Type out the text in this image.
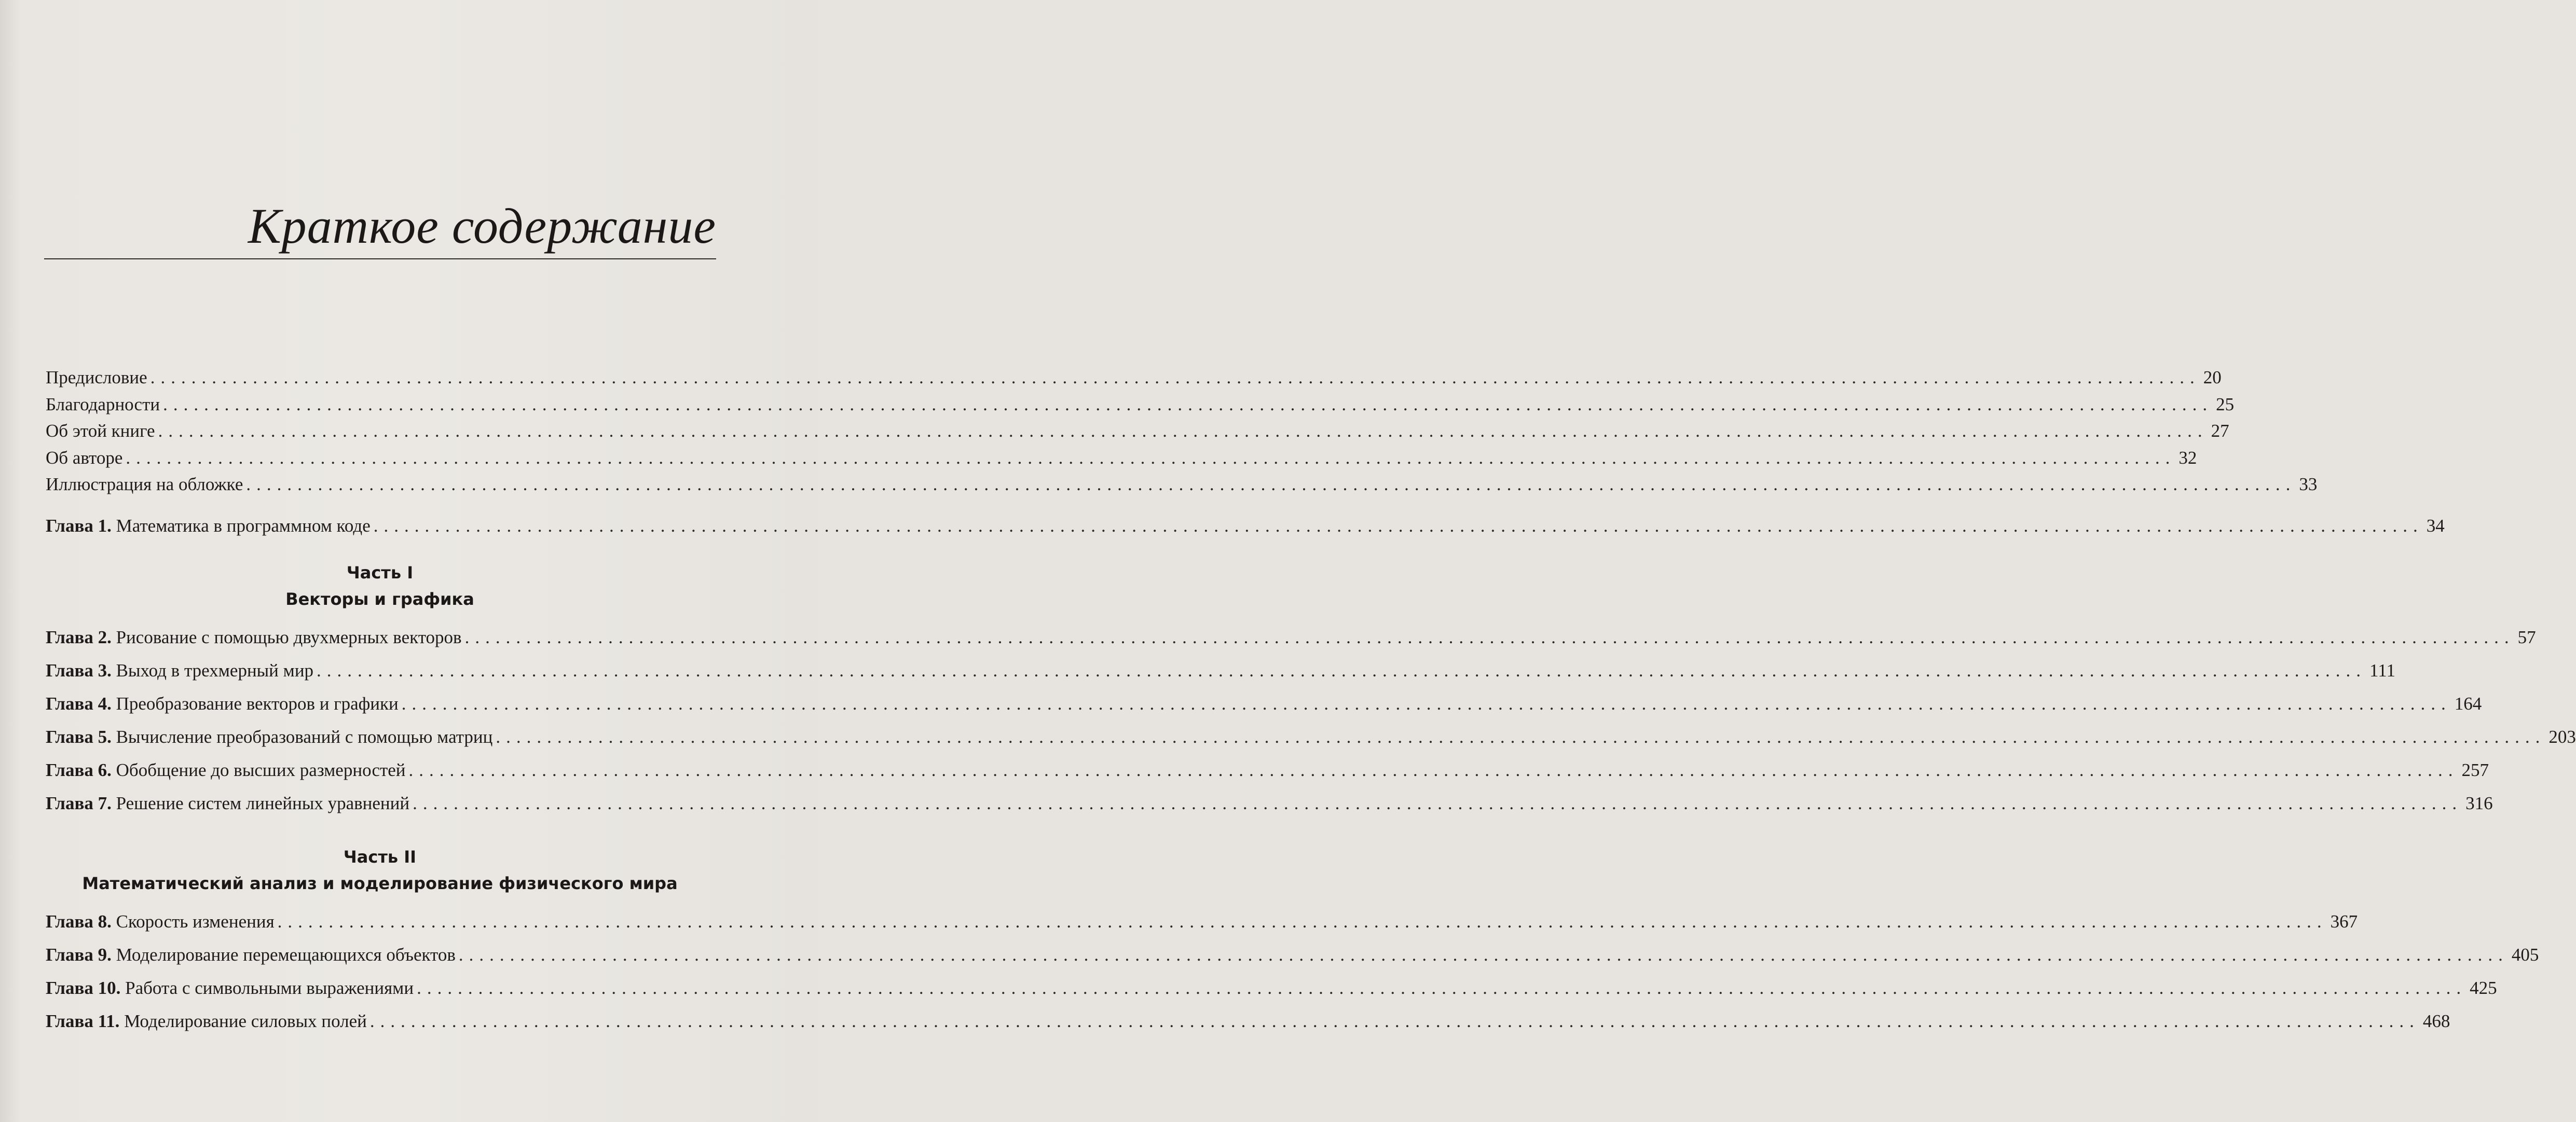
Краткое содержание
Предисловие ........................................................................................................................................................................................................ 20
Благодарности ........................................................................................................................................................................................................ 25
Об этой книге ........................................................................................................................................................................................................ 27
Об авторе ........................................................................................................................................................................................................ 32
Иллюстрация на обложке ........................................................................................................................................................................................................ 33
Глава 1. Математика в программном коде ........................................................................................................................................................................................................ 34
Часть I
Векторы и графика
Глава 2. Рисование с помощью двухмерных векторов ........................................................................................................................................................................................................ 57
Глава 3. Выход в трехмерный мир ........................................................................................................................................................................................................ 111
Глава 4. Преобразование векторов и графики ........................................................................................................................................................................................................ 164
Глава 5. Вычисление преобразований с помощью матриц ........................................................................................................................................................................................................ 203
Глава 6. Обобщение до высших размерностей ........................................................................................................................................................................................................ 257
Глава 7. Решение систем линейных уравнений ........................................................................................................................................................................................................ 316
Часть II
Математический анализ и моделирование физического мира
Глава 8. Скорость изменения ........................................................................................................................................................................................................ 367
Глава 9. Моделирование перемещающихся объектов ........................................................................................................................................................................................................ 405
Глава 10. Работа с символьными выражениями ........................................................................................................................................................................................................ 425
Глава 11. Моделирование силовых полей ........................................................................................................................................................................................................ 468
